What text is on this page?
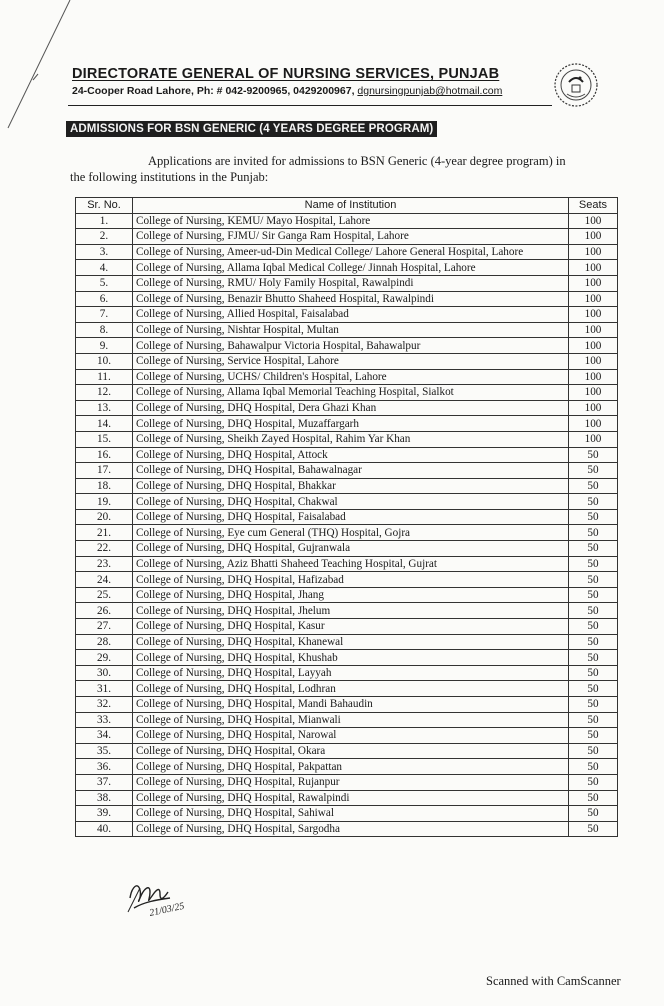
DIRECTORATE GENERAL OF NURSING SERVICES, PUNJAB

24-Cooper Road Lahore, Ph: # 042-9200965, 0429200967, dgnursingpunjab@hotmail.com
ADMISSIONS FOR BSN GENERIC (4 YEARS DEGREE PROGRAM)
Applications are invited for admissions to BSN Generic (4-year degree program) in
the following institutions in the Punjab:
Sr. No.	Name of Institution	Seats
1.	College of Nursing, KEMU/ Mayo Hospital, Lahore	100
2.	College of Nursing, FJMU/ Sir Ganga Ram Hospital, Lahore	100
3.	College of Nursing, Ameer-ud-Din Medical College/ Lahore General Hospital, Lahore	100
4.	College of Nursing, Allama Iqbal Medical College/ Jinnah Hospital, Lahore	100
5.	College of Nursing, RMU/ Holy Family Hospital, Rawalpindi	100
6.	College of Nursing, Benazir Bhutto Shaheed Hospital, Rawalpindi	100
7.	College of Nursing, Allied Hospital, Faisalabad	100
8.	College of Nursing, Nishtar Hospital, Multan	100
9.	College of Nursing, Bahawalpur Victoria Hospital, Bahawalpur	100
10.	College of Nursing, Service Hospital, Lahore	100
11.	College of Nursing, UCHS/ Children's Hospital, Lahore	100
12.	College of Nursing, Allama Iqbal Memorial Teaching Hospital, Sialkot	100
13.	College of Nursing, DHQ Hospital, Dera Ghazi Khan	100
14.	College of Nursing, DHQ Hospital, Muzaffargarh	100
15.	College of Nursing, Sheikh Zayed Hospital, Rahim Yar Khan	100
16.	College of Nursing, DHQ Hospital, Attock	50
17.	College of Nursing, DHQ Hospital, Bahawalnagar	50
18.	College of Nursing, DHQ Hospital, Bhakkar	50
19.	College of Nursing, DHQ Hospital, Chakwal	50
20.	College of Nursing, DHQ Hospital, Faisalabad	50
21.	College of Nursing, Eye cum General (THQ) Hospital, Gojra	50
22.	College of Nursing, DHQ Hospital, Gujranwala	50
23.	College of Nursing, Aziz Bhatti Shaheed Teaching Hospital, Gujrat	50
24.	College of Nursing, DHQ Hospital, Hafizabad	50
25.	College of Nursing, DHQ Hospital, Jhang	50
26.	College of Nursing, DHQ Hospital, Jhelum	50
27.	College of Nursing, DHQ Hospital, Kasur	50
28.	College of Nursing, DHQ Hospital, Khanewal	50
29.	College of Nursing, DHQ Hospital, Khushab	50
30.	College of Nursing, DHQ Hospital, Layyah	50
31.	College of Nursing, DHQ Hospital, Lodhran	50
32.	College of Nursing, DHQ Hospital, Mandi Bahaudin	50
33.	College of Nursing, DHQ Hospital, Mianwali	50
34.	College of Nursing, DHQ Hospital, Narowal	50
35.	College of Nursing, DHQ Hospital, Okara	50
36.	College of Nursing, DHQ Hospital, Pakpattan	50
37.	College of Nursing, DHQ Hospital, Rujanpur	50
38.	College of Nursing, DHQ Hospital, Rawalpindi	50
39.	College of Nursing, DHQ Hospital, Sahiwal	50
40.	College of Nursing, DHQ Hospital, Sargodha	50
21/03/25
Scanned with CamScanner
